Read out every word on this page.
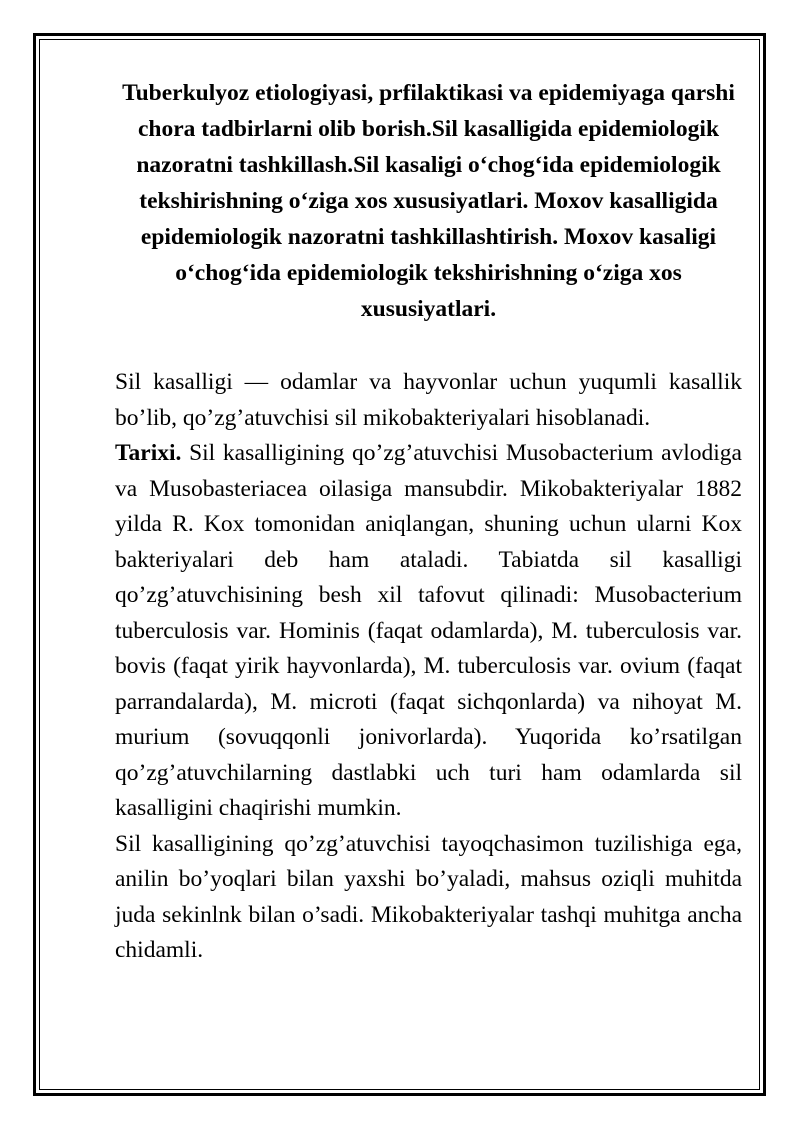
Tuberkulyoz etiologiyasi, prfilaktikasi va epidemiyaga qarshi chora tadbirlarni olib borish.Sil kasalligida epidemiologik nazoratni tashkillash.Sil kasaligi o‘chog‘ida epidemiologik tekshirishning o‘ziga xos xususiyatlari. Moxov kasalligida epidemiologik nazoratni tashkillashtirish. Moxov kasaligi o‘chog‘ida epidemiologik tekshirishning o‘ziga xos xususiyatlari.

Sil kasalligi — odamlar va hayvonlar uchun yuqumli kasallik bo’lib, qo’zg’atuvchisi sil mikobakteriyalari hisoblanadi.

Tarixi. Sil kasalligining qo’zg’atuvchisi Musobacterium avlodiga va Musobasteriacea oilasiga mansubdir. Mikobakteriyalar 1882 yilda R. Kox tomonidan aniqlangan, shuning uchun ularni Kox bakteriyalari deb ham ataladi. Tabiatda sil kasalligi qo’zg’atuvchisining besh xil tafovut qilinadi: Musobacterium tuberculosis var. Hominis (faqat odamlarda), M. tuberculosis var. bovis (faqat yirik hayvonlarda), M. tuberculosis var. ovium (faqat parrandalarda), M. microti (faqat sichqonlarda) va nihoyat M. murium (sovuqqonli jonivorlarda). Yuqorida ko’rsatilgan qo’zg’atuvchilarning dastlabki uch turi ham odamlarda sil kasalligini chaqirishi mumkin.

Sil kasalligining qo’zg’atuvchisi tayoqchasimon tuzilishiga ega, anilin bo’yoqlari bilan yaxshi bo’yaladi, mahsus oziqli muhitda juda sekinlnk bilan o’sadi. Mikobakteriyalar tashqi muhitga ancha chidamli.
